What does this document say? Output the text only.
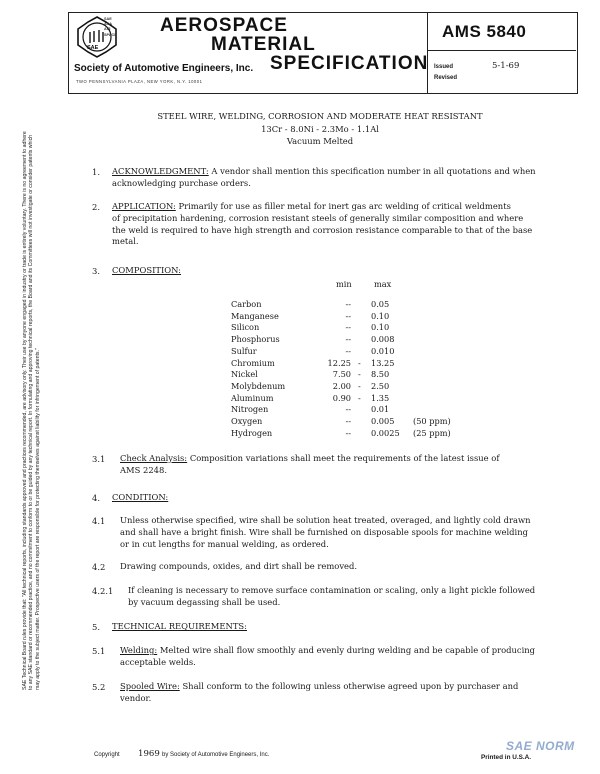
SAE
SAE
ASA
AIR
SPACE AEROSPACE
MATERIAL
SPECIFICATION
Society of Automotive Engineers, Inc.
TWO PENNSYLVANIA PLAZA, NEW YORK, N.Y. 10001
AMS 5840
Issued	5-1-69
Revised
STEEL WIRE, WELDING, CORROSION AND MODERATE HEAT RESISTANT
13Cr - 8.0Ni - 2.3Mo - 1.1Al
Vacuum Melted
1. ACKNOWLEDGMENT: A vendor shall mention this specification number in all quotations and when
acknowledging purchase orders.
2. APPLICATION: Primarily for use as filler metal for inert gas arc welding of critical weldments
of precipitation hardening, corrosion resistant steels of generally similar composition and where
the weld is required to have high strength and corrosion resistance comparable to that of the base
metal.
3. COMPOSITION:
min	max
Carbon	--		0.05	
Manganese	--		0.10	
Silicon	--		0.10	
Phosphorus	--		0.008	
Sulfur	--		0.010	
Chromium	12.25	-	13.25	
Nickel	7.50	-	8.50	
Molybdenum	2.00	-	2.50	
Aluminum	0.90	-	1.35	
Nitrogen	--		0.01	
Oxygen	--		0.005	(50 ppm)
Hydrogen	--		0.0025	(25 ppm)
3.1 Check Analysis: Composition variations shall meet the requirements of the latest issue of
AMS 2248.
4. CONDITION:
4.1 Unless otherwise specified, wire shall be solution heat treated, overaged, and lightly cold drawn
and shall have a bright finish. Wire shall be furnished on disposable spools for machine welding
or in cut lengths for manual welding, as ordered.
4.2 Drawing compounds, oxides, and dirt shall be removed.
4.2.1 If cleaning is necessary to remove surface contamination or scaling, only a light pickle followed
by vacuum degassing shall be used.
5. TECHNICAL REQUIREMENTS:
5.1 Welding: Melted wire shall flow smoothly and evenly during welding and be capable of producing
acceptable welds.
5.2 Spooled Wire: Shall conform to the following unless otherwise agreed upon by purchaser and
vendor.
SAE Technical Board rules provide that: "All technical reports, including standards approved and practices recommended, are advisory only. Their use by anyone engaged in industry or trade is entirely voluntary. There is no agreement to adhere to any SAE standard or recommended practice, and no commitment to conform to or be guided by any technical report. In formulating and approving technical reports, the Board and its Committees will not investigate or consider patents which may apply to the subject matter. Prospective users of the report are responsible for protecting themselves against liability for infringement of patents."
Copyright 1969 by Society of Automotive Engineers, Inc.	Printed in U.S.A.
SAE NORM
